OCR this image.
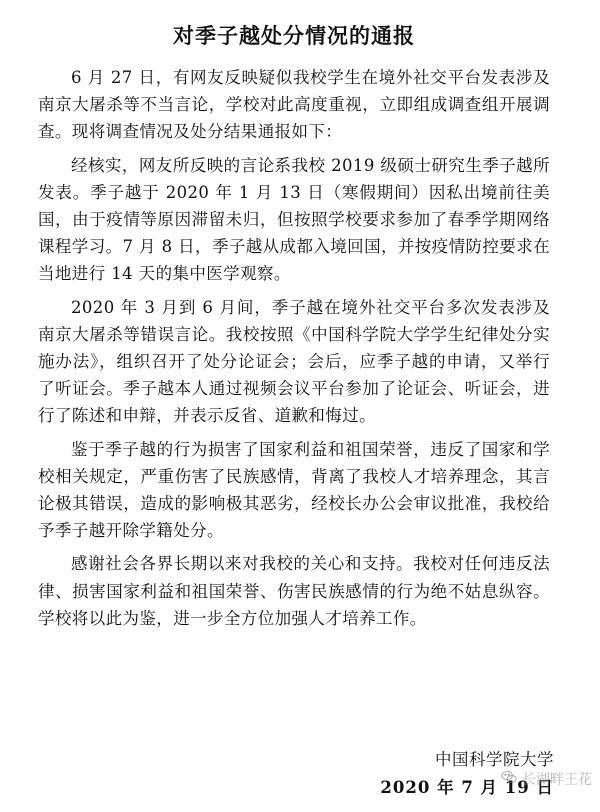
对季子越处分情况的通报

6 月 27 日，有网友反映疑似我校学生在境外社交平台发表涉及南京大屠杀等不当言论，学校对此高度重视，立即组成调查组开展调查。现将调查情况及处分结果通报如下：

经核实，网友所反映的言论系我校 2019 级硕士研究生季子越所发表。季子越于 2020 年 1 月 13 日（寒假期间）因私出境前往美国，由于疫情等原因滞留未归，但按照学校要求参加了春季学期网络课程学习。7 月 8 日，季子越从成都入境回国，并按疫情防控要求在当地进行 14 天的集中医学观察。

2020 年 3 月到 6 月间，季子越在境外社交平台多次发表涉及南京大屠杀等错误言论。我校按照《中国科学院大学学生纪律处分实施办法》，组织召开了处分论证会；会后，应季子越的申请，又举行了听证会。季子越本人通过视频会议平台参加了论证会、听证会，进行了陈述和申辩，并表示反省、道歉和悔过。

鉴于季子越的行为损害了国家利益和祖国荣誉，违反了国家和学校相关规定，严重伤害了民族感情，背离了我校人才培养理念，其言论极其错误，造成的影响极其恶劣，经校长办公会审议批准，我校给予季子越开除学籍处分。

感谢社会各界长期以来对我校的关心和支持。我校对任何违反法律、损害国家利益和祖国荣誉、伤害民族感情的行为绝不姑息纵容。学校将以此为鉴，进一步全方位加强人才培养工作。

中国科学院大学
2020 年 7 月 19 日
长湖畔王花
